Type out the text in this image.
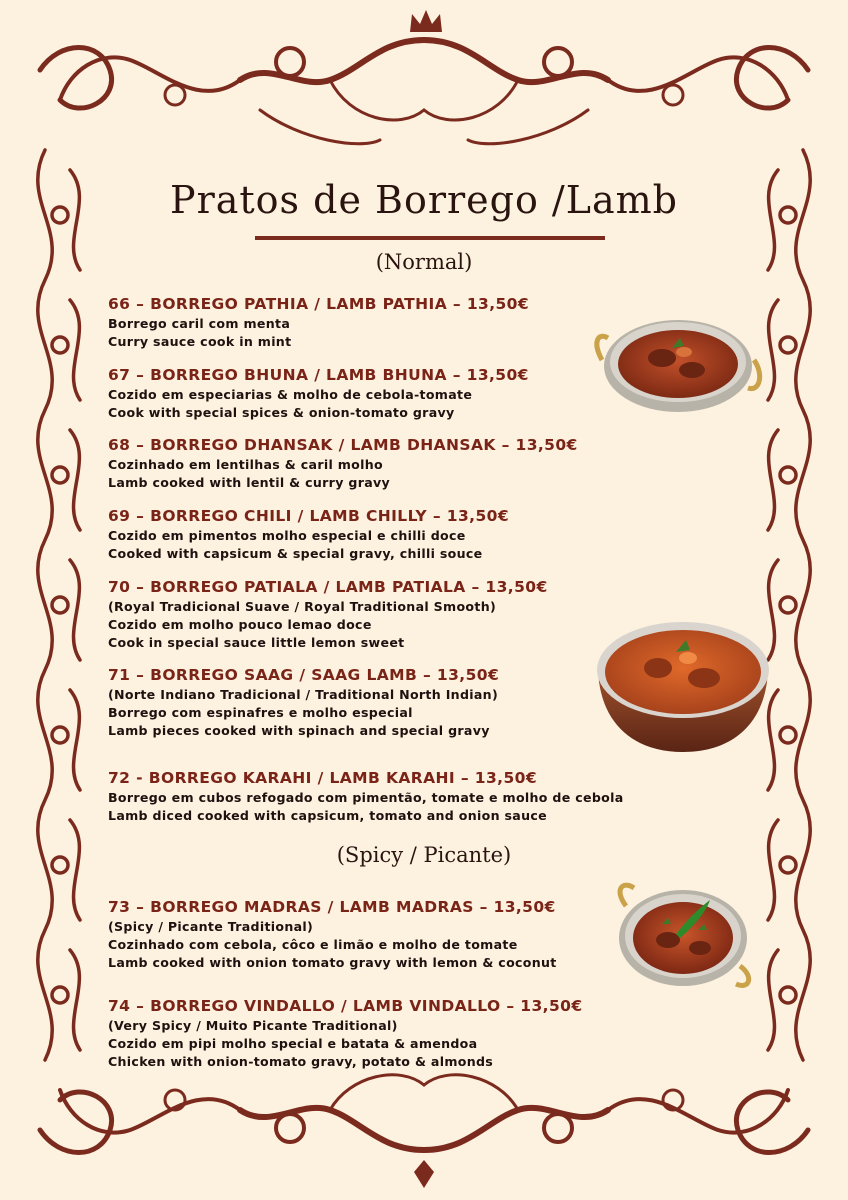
Pratos de Borrego /Lamb
(Normal)
66 – BORREGO PATHIA / LAMB PATHIA – 13,50€
Borrego caril com menta
Curry sauce cook in mint
67 – BORREGO BHUNA / LAMB BHUNA – 13,50€
Cozido em especiarias & molho de cebola-tomate
Cook with special spices & onion-tomato gravy
68 – BORREGO DHANSAK / LAMB DHANSAK – 13,50€
Cozinhado em lentilhas & caril molho
Lamb cooked with lentil & curry gravy
69 – BORREGO CHILI / LAMB CHILLY – 13,50€
Cozido em pimentos molho especial e chilli doce
Cooked with capsicum & special gravy, chilli souce
70 – BORREGO PATIALA / LAMB PATIALA – 13,50€
(Royal Tradicional Suave / Royal Traditional Smooth)
Cozido em molho pouco lemao doce
Cook in special sauce little lemon sweet
71 – BORREGO SAAG / SAAG LAMB – 13,50€
(Norte Indiano Tradicional / Traditional North Indian)
Borrego com espinafres e molho especial
Lamb pieces cooked with spinach and special gravy
72 - BORREGO KARAHI / LAMB KARAHI – 13,50€
Borrego em cubos refogado com pimentão, tomate e molho de cebola
Lamb diced cooked with capsicum, tomato and onion sauce
(Spicy / Picante)
73 – BORREGO MADRAS / LAMB MADRAS – 13,50€
(Spicy / Picante Traditional)
Cozinhado com cebola, côco e limão e molho de tomate
Lamb cooked with onion tomato gravy with lemon & coconut
74 – BORREGO VINDALLO / LAMB VINDALLO – 13,50€
(Very Spicy / Muito Picante Traditional)
Cozido em pipi molho special e batata & amendoa
Chicken with onion-tomato gravy, potato & almonds
